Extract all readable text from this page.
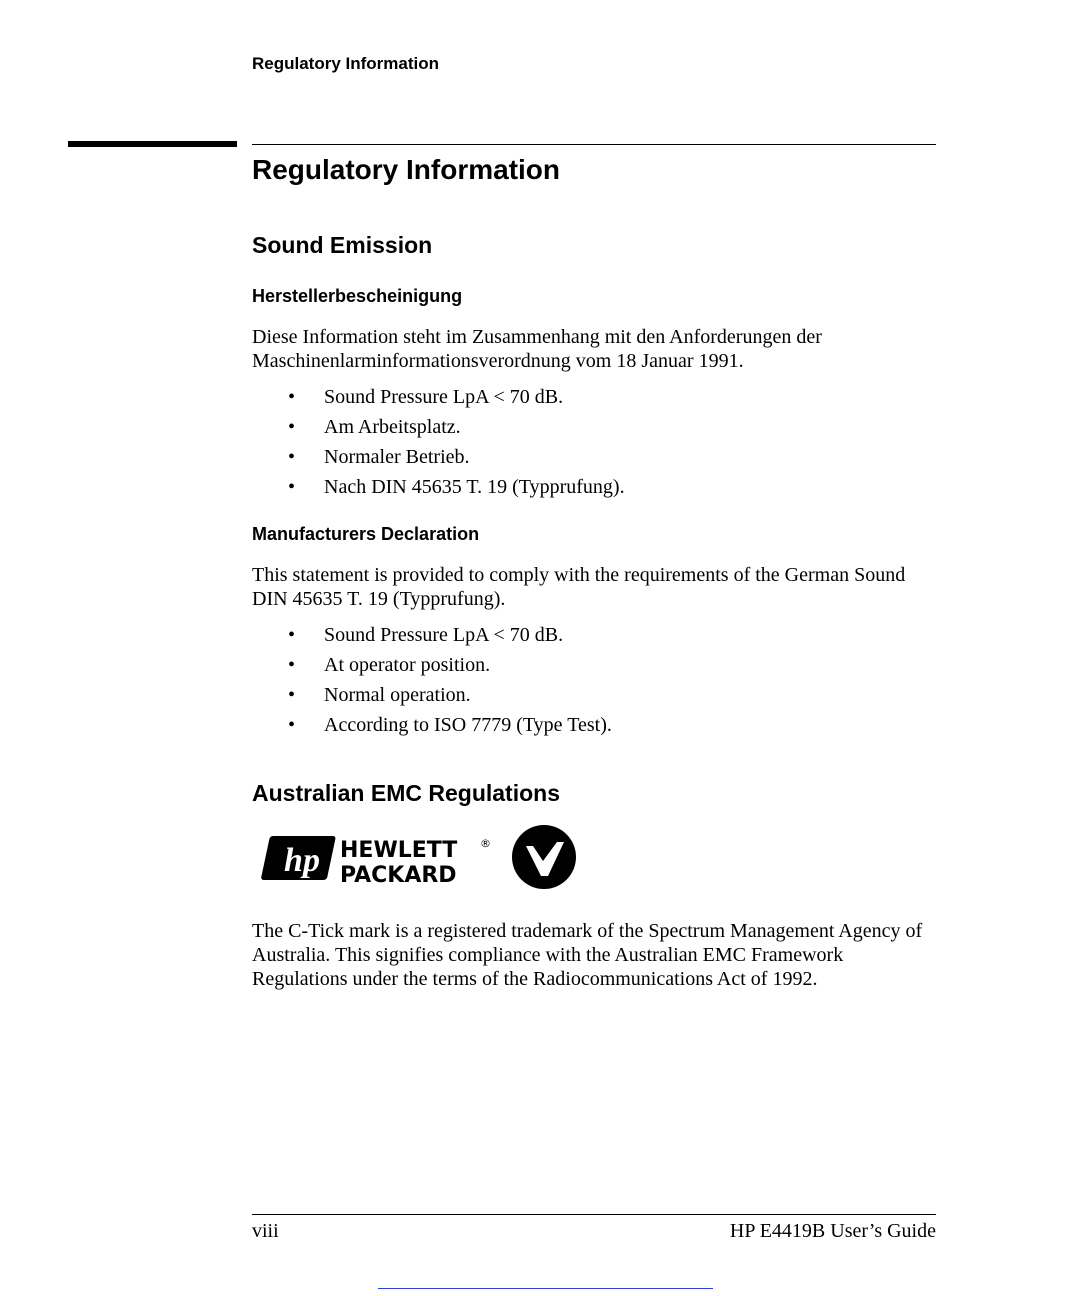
Regulatory Information
Regulatory Information
Sound Emission
Herstellerbescheinigung

Diese Information steht im Zusammenhang mit den Anforderungen der Maschinenlarminformationsverordnung vom 18 Januar 1991.

• Sound Pressure LpA < 70 dB.
• Am Arbeitsplatz.
• Normaler Betrieb.
• Nach DIN 45635 T. 19 (Typprufung).
Manufacturers Declaration

This statement is provided to comply with the requirements of the German Sound DIN 45635 T. 19 (Typprufung).

• Sound Pressure LpA < 70 dB.
• At operator position.
• Normal operation.
• According to ISO 7779 (Type Test).
Australian EMC Regulations
hp HEWLETT ®
PACKARD

The C-Tick mark is a registered trademark of the Spectrum Management Agency of Australia. This signifies compliance with the Australian EMC Framework Regulations under the terms of the Radiocommunications Act of 1992.

viii	HP E4419B User’s Guide
